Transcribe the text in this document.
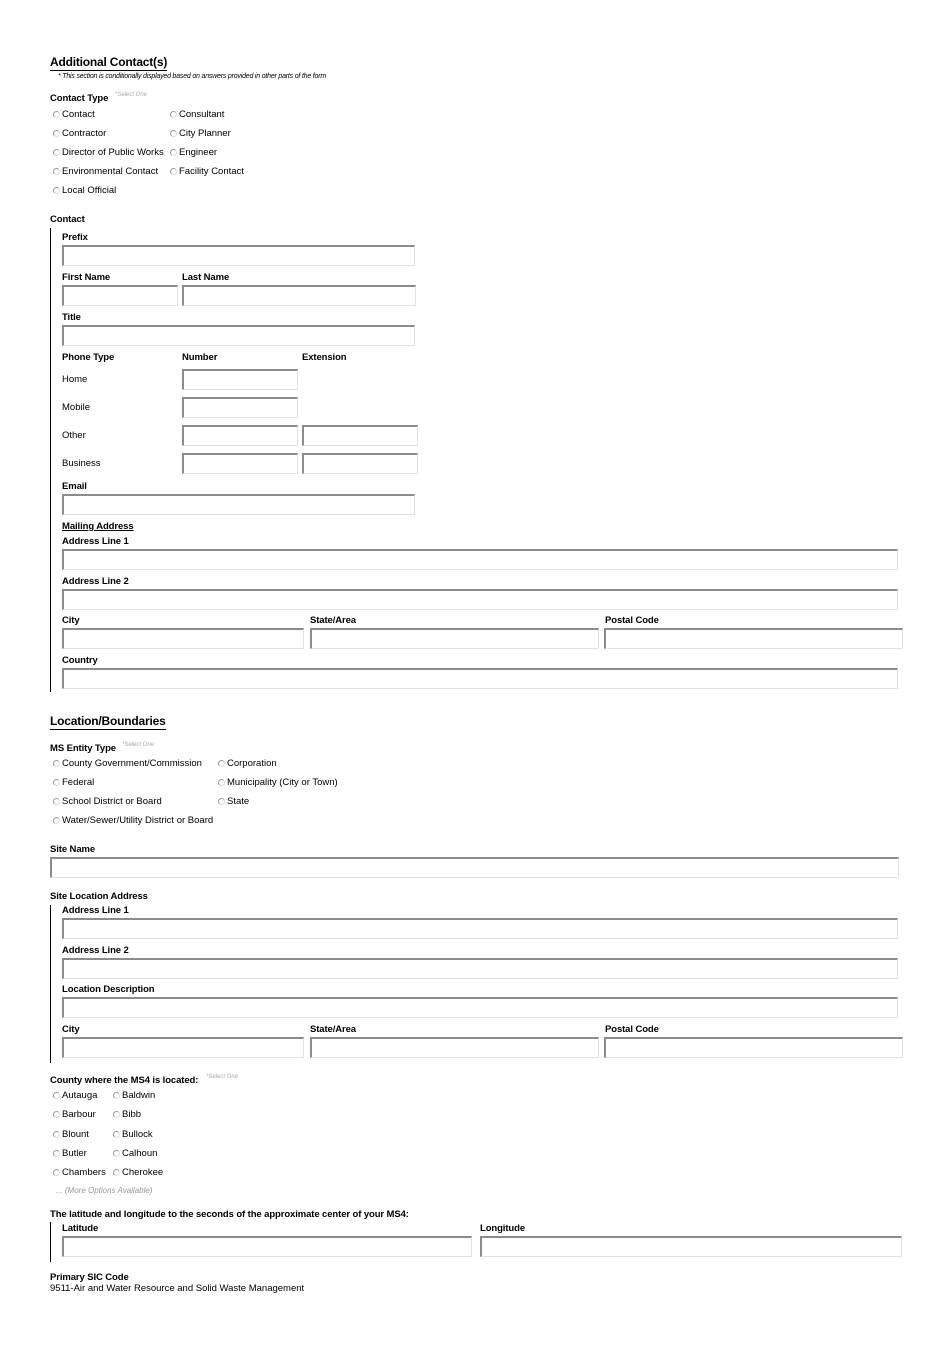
Additional Contact(s)
* This section is conditionally displayed based on answers provided in other parts of the form
Contact Type *Select One
Contact	Consultant
Contractor	City Planner
Director of Public Works	Engineer
Environmental Contact	Facility Contact
Local Official
Contact
Prefix
First Name	Last Name
Title
Phone Type	Number	Extension
Home
Mobile
Other
Business
Email
Mailing Address
Address Line 1
Address Line 2
City	State/Area	Postal Code
Country
Location/Boundaries
MS Entity Type *Select One
County Government/Commission	Corporation
Federal	Municipality (City or Town)
School District or Board	State
Water/Sewer/Utility District or Board
Site Name
Site Location Address
Address Line 1
Address Line 2
Location Description
City	State/Area	Postal Code
County where the MS4 is located: *Select One
Autauga	Baldwin
Barbour	Bibb
Blount	Bullock
Butler	Calhoun
Chambers	Cherokee
... (More Options Available)
The latitude and longitude to the seconds of the approximate center of your MS4:
Latitude	Longitude
Primary SIC Code
9511-Air and Water Resource and Solid Waste Management
